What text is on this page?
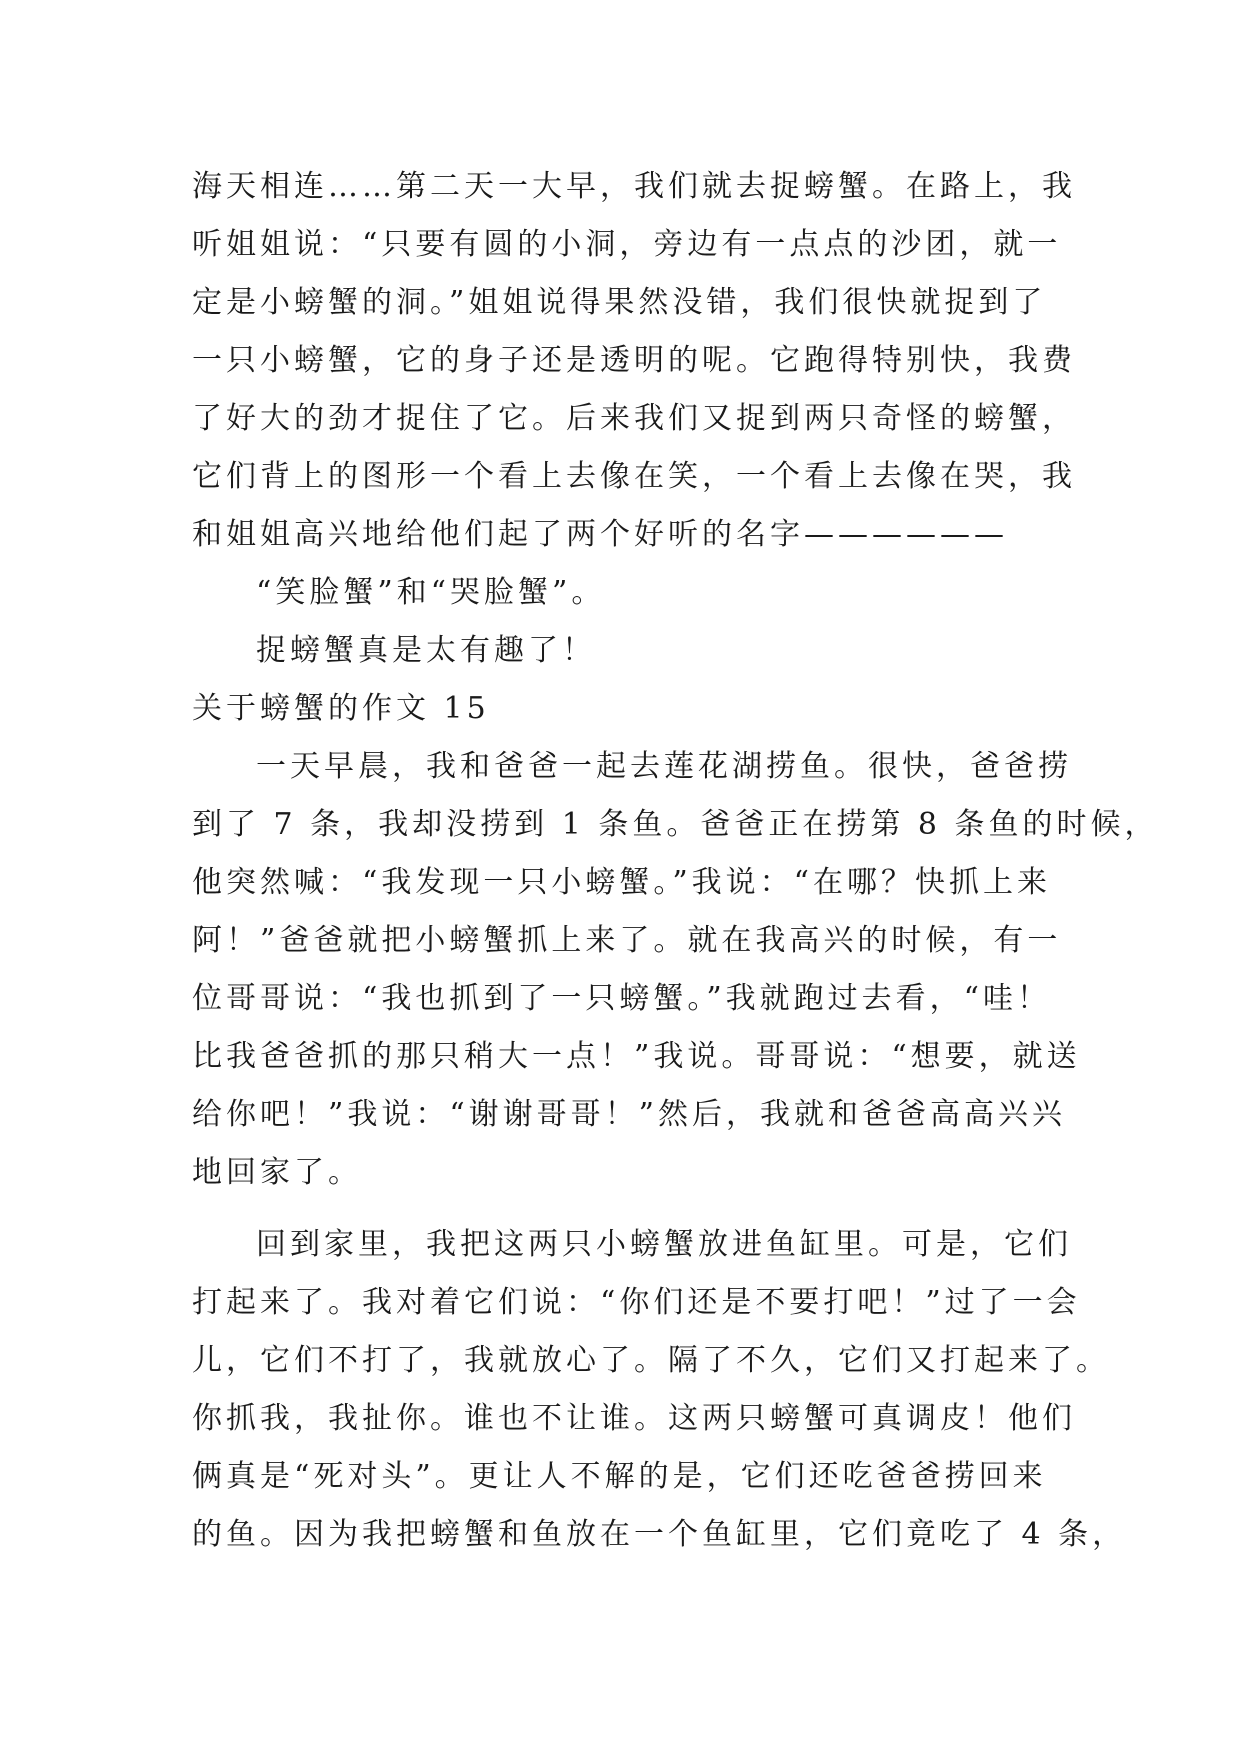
海天相连……第二天一大早，我们就去捉螃蟹。在路上，我
听姐姐说：“只要有圆的小洞，旁边有一点点的沙团，就一
定是小螃蟹的洞。”姐姐说得果然没错，我们很快就捉到了
一只小螃蟹，它的身子还是透明的呢。它跑得特别快，我费
了好大的劲才捉住了它。后来我们又捉到两只奇怪的螃蟹，
它们背上的图形一个看上去像在笑，一个看上去像在哭，我
和姐姐高兴地给他们起了两个好听的名字——————
“笑脸蟹”和“哭脸蟹”。
捉螃蟹真是太有趣了！
关于螃蟹的作文 15
一天早晨，我和爸爸一起去莲花湖捞鱼。很快，爸爸捞
到了 7 条，我却没捞到 1 条鱼。爸爸正在捞第 8 条鱼的时候，
他突然喊：“我发现一只小螃蟹。”我说：“在哪？快抓上来
阿！”爸爸就把小螃蟹抓上来了。就在我高兴的时候，有一
位哥哥说：“我也抓到了一只螃蟹。”我就跑过去看，“哇！
比我爸爸抓的那只稍大一点！”我说。哥哥说：“想要，就送
给你吧！”我说：“谢谢哥哥！”然后，我就和爸爸高高兴兴
地回家了。
回到家里，我把这两只小螃蟹放进鱼缸里。可是，它们
打起来了。我对着它们说：“你们还是不要打吧！”过了一会
儿，它们不打了，我就放心了。隔了不久，它们又打起来了。
你抓我，我扯你。谁也不让谁。这两只螃蟹可真调皮！他们
俩真是“死对头”。更让人不解的是，它们还吃爸爸捞回来
的鱼。因为我把螃蟹和鱼放在一个鱼缸里，它们竟吃了 4 条，
